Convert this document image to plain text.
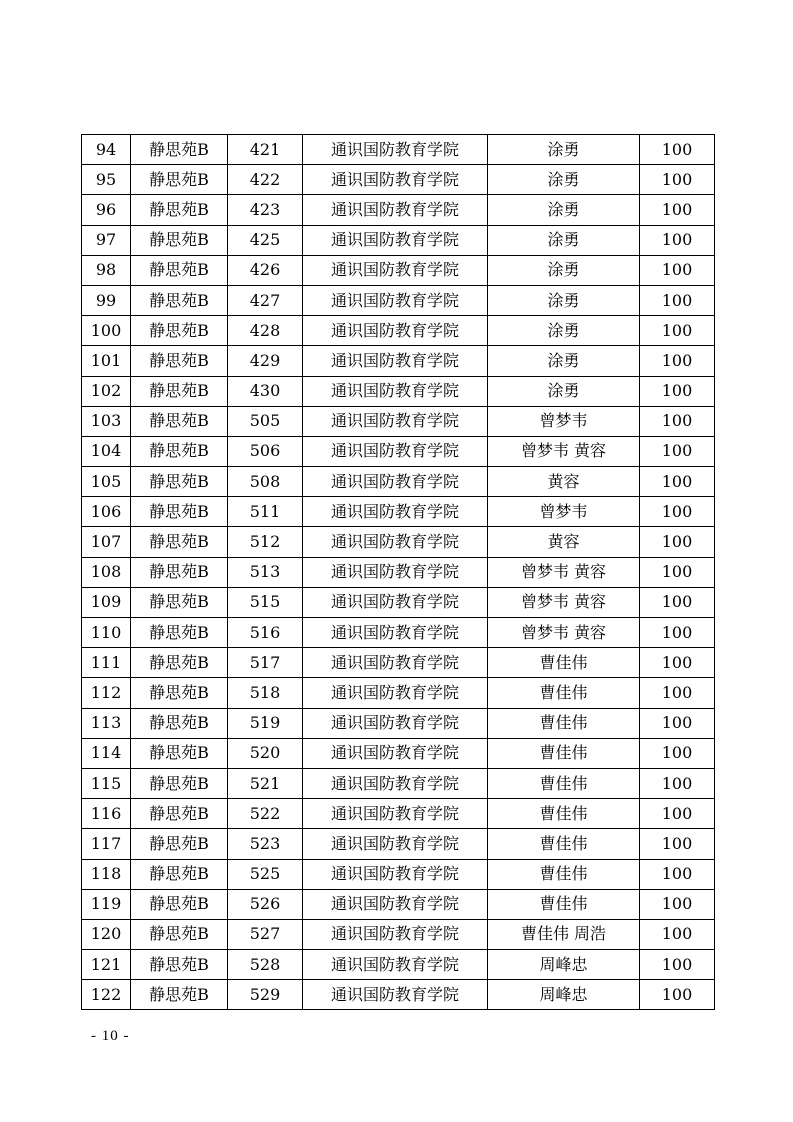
94	静思苑B	421	通识国防教育学院	涂勇	100
95	静思苑B	422	通识国防教育学院	涂勇	100
96	静思苑B	423	通识国防教育学院	涂勇	100
97	静思苑B	425	通识国防教育学院	涂勇	100
98	静思苑B	426	通识国防教育学院	涂勇	100
99	静思苑B	427	通识国防教育学院	涂勇	100
100	静思苑B	428	通识国防教育学院	涂勇	100
101	静思苑B	429	通识国防教育学院	涂勇	100
102	静思苑B	430	通识国防教育学院	涂勇	100
103	静思苑B	505	通识国防教育学院	曾梦韦	100
104	静思苑B	506	通识国防教育学院	曾梦韦 黄容	100
105	静思苑B	508	通识国防教育学院	黄容	100
106	静思苑B	511	通识国防教育学院	曾梦韦	100
107	静思苑B	512	通识国防教育学院	黄容	100
108	静思苑B	513	通识国防教育学院	曾梦韦 黄容	100
109	静思苑B	515	通识国防教育学院	曾梦韦 黄容	100
110	静思苑B	516	通识国防教育学院	曾梦韦 黄容	100
111	静思苑B	517	通识国防教育学院	曹佳伟	100
112	静思苑B	518	通识国防教育学院	曹佳伟	100
113	静思苑B	519	通识国防教育学院	曹佳伟	100
114	静思苑B	520	通识国防教育学院	曹佳伟	100
115	静思苑B	521	通识国防教育学院	曹佳伟	100
116	静思苑B	522	通识国防教育学院	曹佳伟	100
117	静思苑B	523	通识国防教育学院	曹佳伟	100
118	静思苑B	525	通识国防教育学院	曹佳伟	100
119	静思苑B	526	通识国防教育学院	曹佳伟	100
120	静思苑B	527	通识国防教育学院	曹佳伟 周浩	100
121	静思苑B	528	通识国防教育学院	周峰忠	100
122	静思苑B	529	通识国防教育学院	周峰忠	100
- 10 -
